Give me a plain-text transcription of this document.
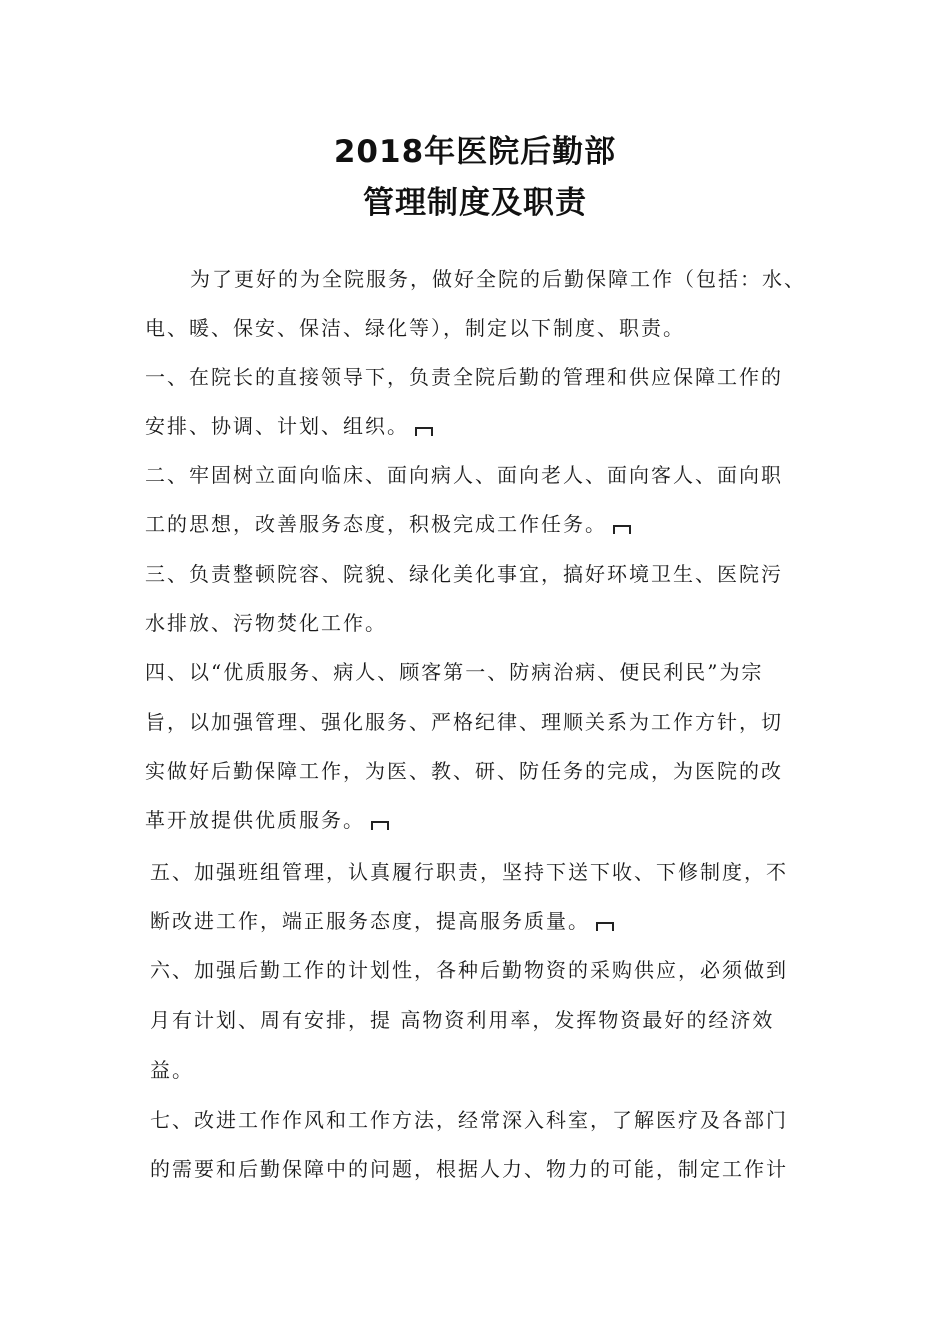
2018年医院后勤部
管理制度及职责
为了更好的为全院服务，做好全院的后勤保障工作（包括：水、
电、暖、保安、保洁、绿化等），制定以下制度、职责。
一、在院长的直接领导下，负责全院后勤的管理和供应保障工作的
安排、协调、计划、组织。
二、牢固树立面向临床、面向病人、面向老人、面向客人、面向职
工的思想，改善服务态度，积极完成工作任务。
三、负责整顿院容、院貌、绿化美化事宜，搞好环境卫生、医院污
水排放、污物焚化工作。
四、以“优质服务、病人、顾客第一、防病治病、便民利民”为宗
旨，以加强管理、强化服务、严格纪律、理顺关系为工作方针，切
实做好后勤保障工作，为医、教、研、防任务的完成，为医院的改
革开放提供优质服务。
五、加强班组管理，认真履行职责，坚持下送下收、下修制度，不
断改进工作，端正服务态度，提高服务质量。
六、加强后勤工作的计划性，各种后勤物资的采购供应，必须做到
月有计划、周有安排，提 高物资利用率，发挥物资最好的经济效
益。
七、改进工作作风和工作方法，经常深入科室，了解医疗及各部门
的需要和后勤保障中的问题，根据人力、物力的可能，制定工作计
